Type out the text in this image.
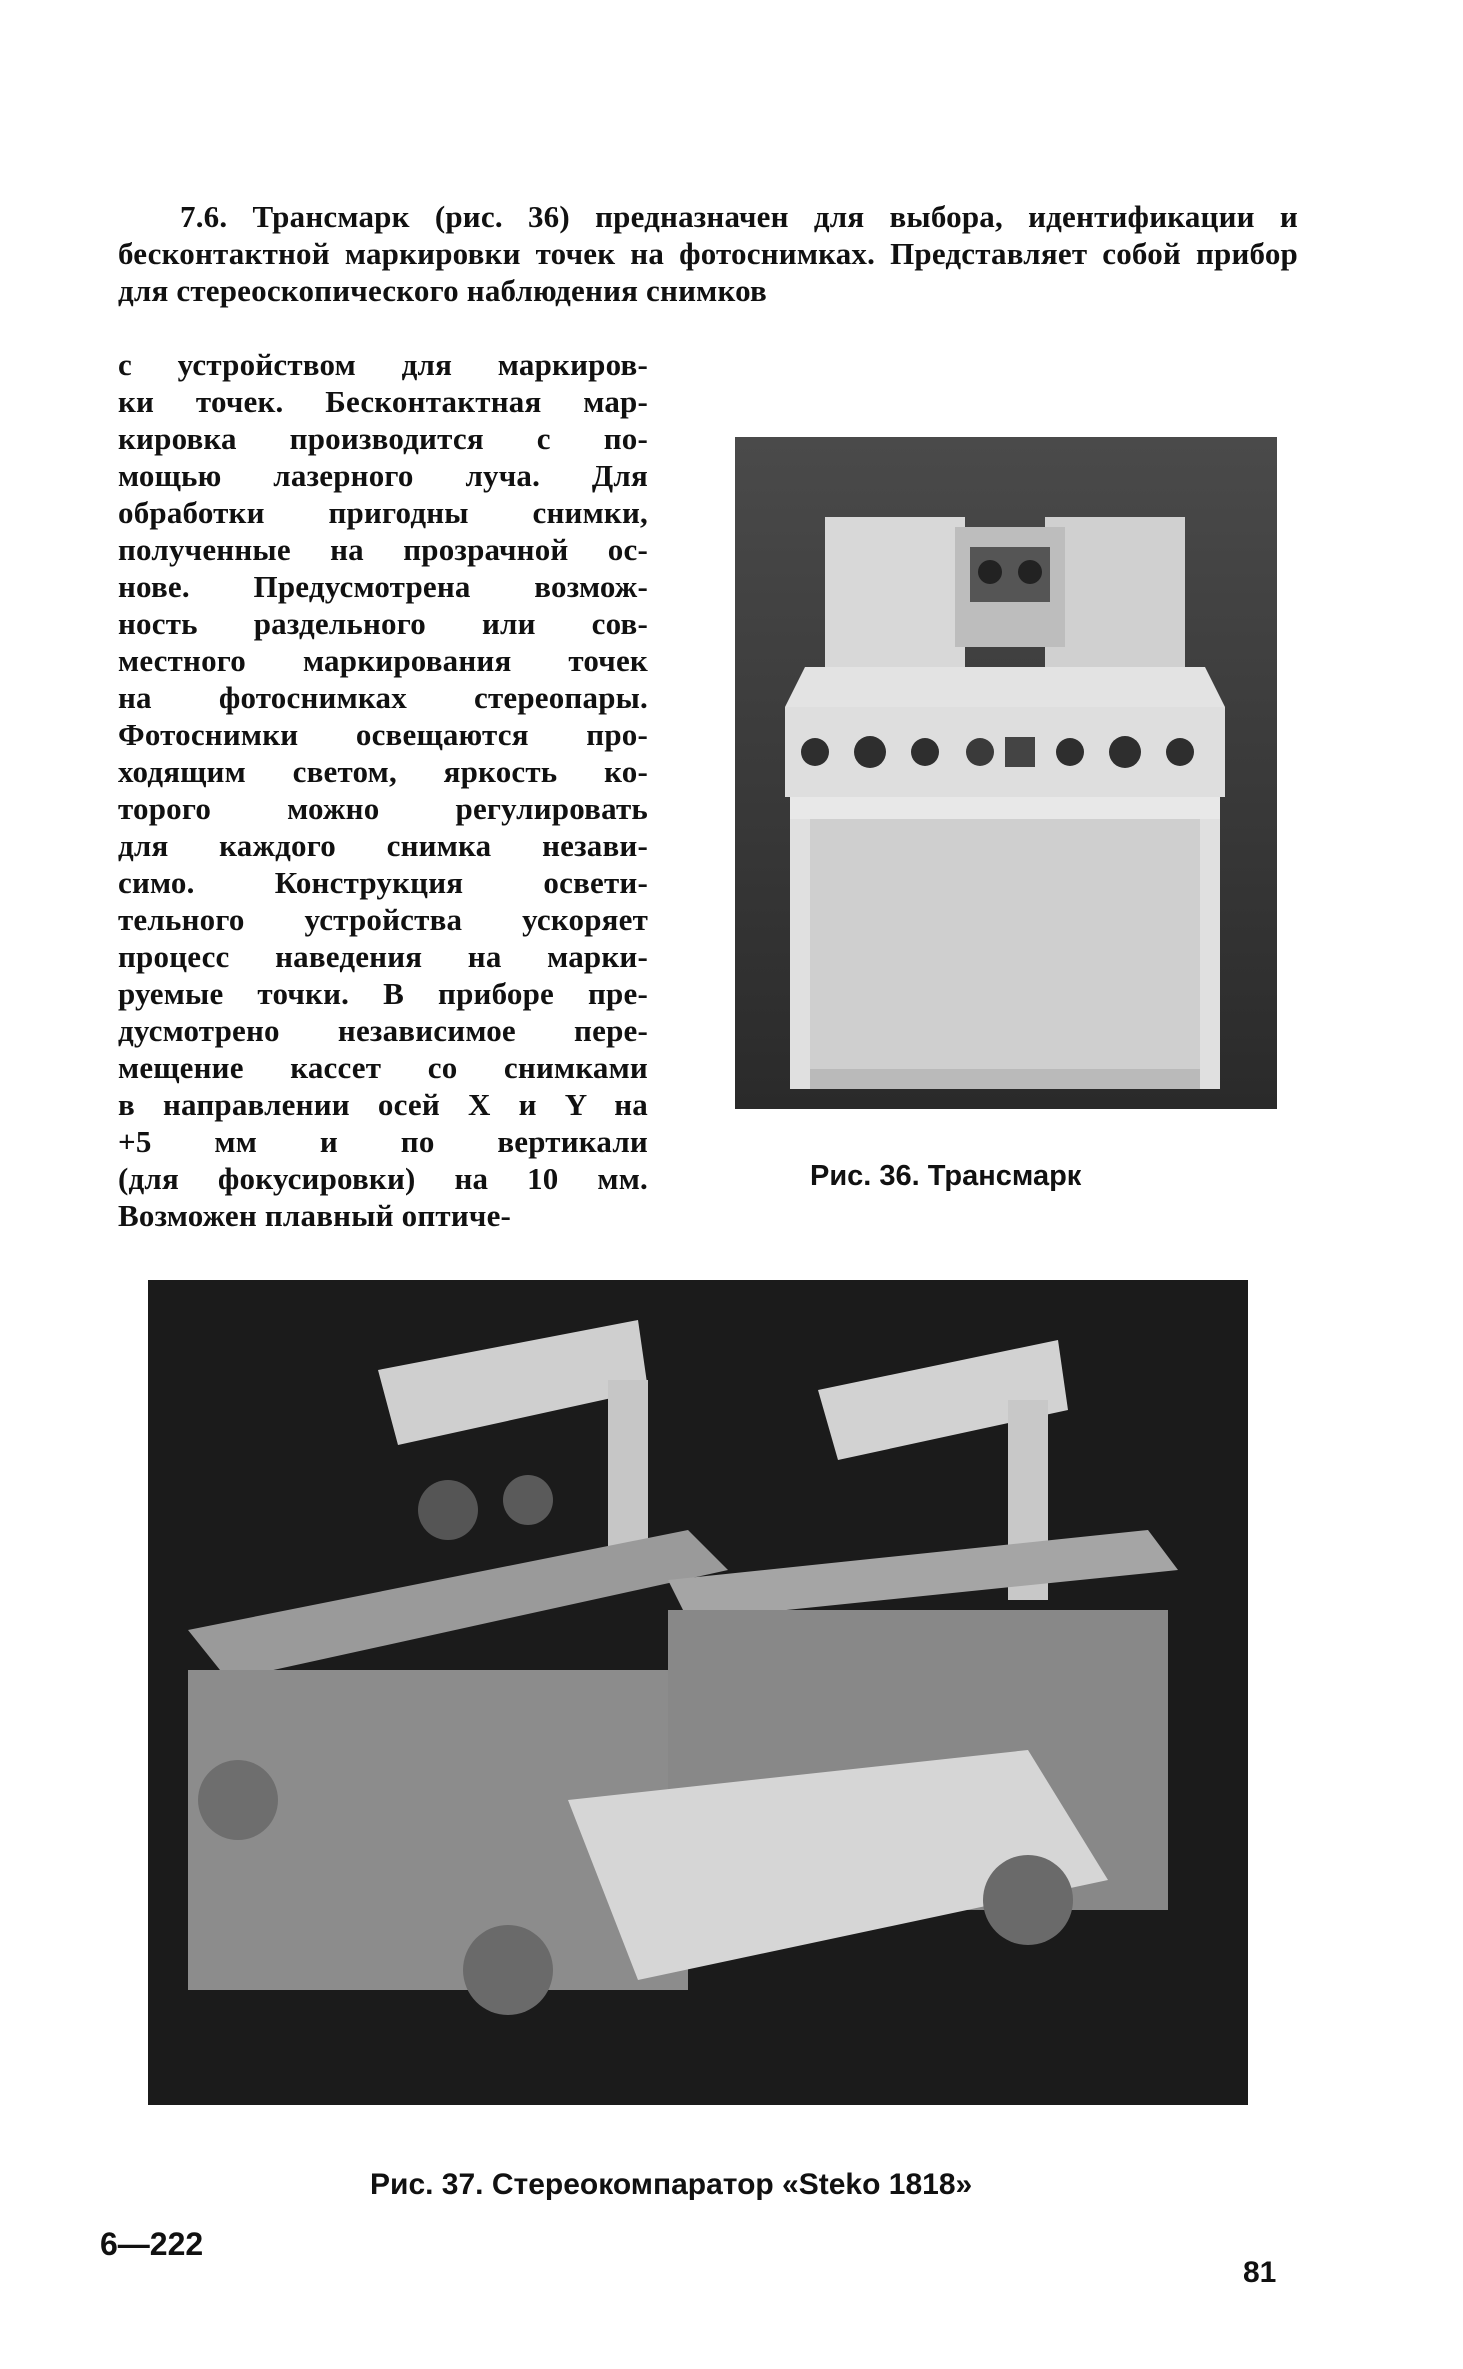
7.6. Трансмарк (рис. 36) предназначен для выбора, идентификации и бесконтактной маркировки точек на фотоснимках. Представляет собой прибор для стереоскопического наблюдения снимков
с устройством для маркиров-
ки точек. Бесконтактная мар-
кировка производится с по-
мощью лазерного луча. Для
обработки пригодны снимки,
полученные на прозрачной ос-
нове. Предусмотрена возмож-
ность раздельного или сов-
местного маркирования точек
на фотоснимках стереопары.
Фотоснимки освещаются про-
ходящим светом, яркость ко-
торого можно регулировать
для каждого снимка незави-
симо. Конструкция освети-
тельного устройства ускоряет
процесс наведения на марки-
руемые точки. В приборе пре-
дусмотрено независимое пере-
мещение кассет со снимками
в направлении осей X и Y на
+5 мм и по вертикали
(для фокусировки) на 10 мм.
Возможен плавный оптиче-
Рис. 36. Трансмарк
Рис. 37. Стереокомпаратор «Steko 1818»
6—222
81
